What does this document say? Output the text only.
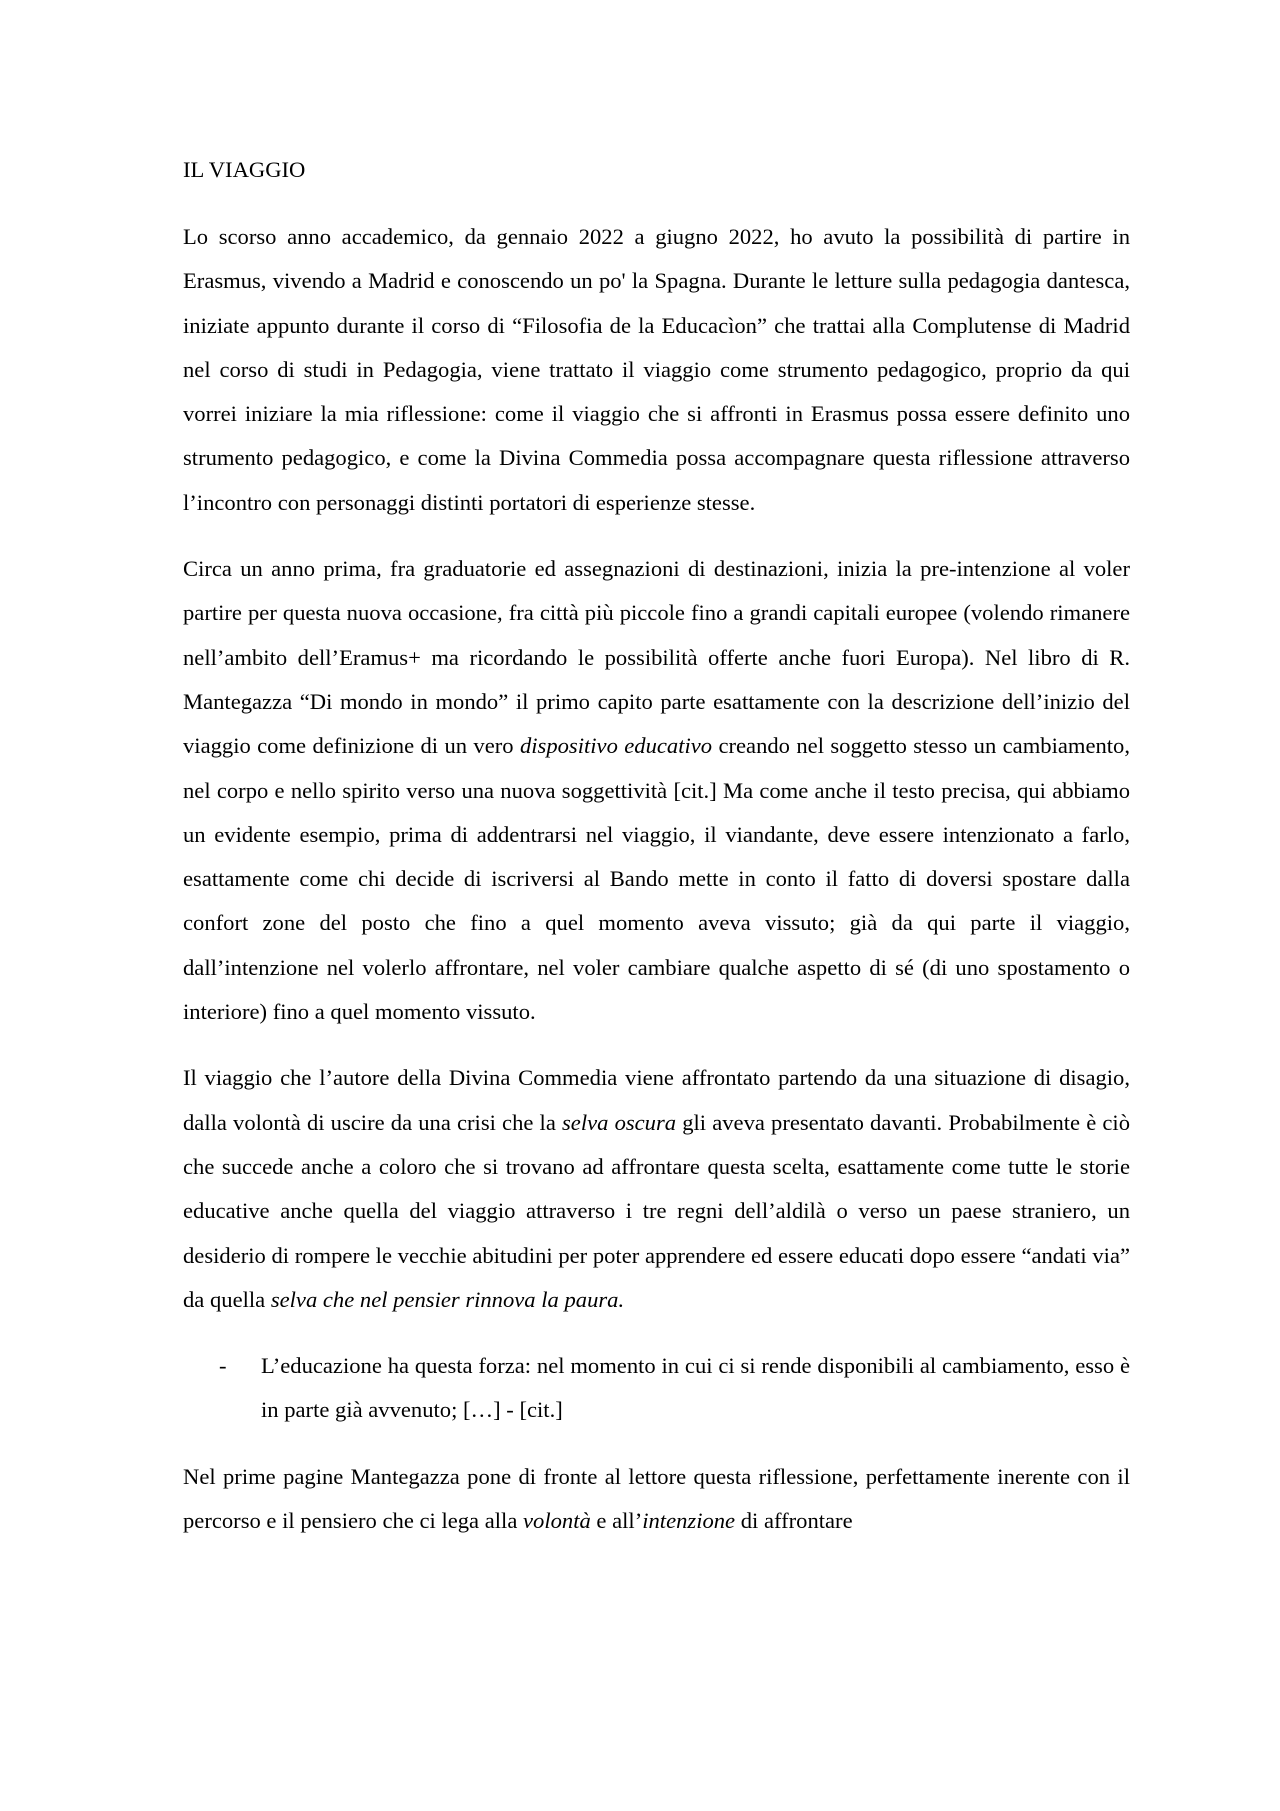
IL VIAGGIO

Lo scorso anno accademico, da gennaio 2022 a giugno 2022, ho avuto la possibilità di partire in Erasmus, vivendo a Madrid e conoscendo un po' la Spagna. Durante le letture sulla pedagogia dantesca, iniziate appunto durante il corso di “Filosofia de la Educacìon” che trattai alla Complutense di Madrid nel corso di studi in Pedagogia, viene trattato il viaggio come strumento pedagogico, proprio da qui vorrei iniziare la mia riflessione: come il viaggio che si affronti in Erasmus possa essere definito uno strumento pedagogico, e come la Divina Commedia possa accompagnare questa riflessione attraverso l’incontro con personaggi distinti portatori di esperienze stesse.

Circa un anno prima, fra graduatorie ed assegnazioni di destinazioni, inizia la pre-intenzione al voler partire per questa nuova occasione, fra città più piccole fino a grandi capitali europee (volendo rimanere nell’ambito dell’Eramus+ ma ricordando le possibilità offerte anche fuori Europa). Nel libro di R. Mantegazza “Di mondo in mondo” il primo capito parte esattamente con la descrizione dell’inizio del viaggio come definizione di un vero dispositivo educativo creando nel soggetto stesso un cambiamento, nel corpo e nello spirito verso una nuova soggettività [cit.] Ma come anche il testo precisa, qui abbiamo un evidente esempio, prima di addentrarsi nel viaggio, il viandante, deve essere intenzionato a farlo, esattamente come chi decide di iscriversi al Bando mette in conto il fatto di doversi spostare dalla confort zone del posto che fino a quel momento aveva vissuto; già da qui parte il viaggio, dall’intenzione nel volerlo affrontare, nel voler cambiare qualche aspetto di sé (di uno spostamento o interiore) fino a quel momento vissuto.

Il viaggio che l’autore della Divina Commedia viene affrontato partendo da una situazione di disagio, dalla volontà di uscire da una crisi che la selva oscura gli aveva presentato davanti. Probabilmente è ciò che succede anche a coloro che si trovano ad affrontare questa scelta, esattamente come tutte le storie educative anche quella del viaggio attraverso i tre regni dell’aldilà o verso un paese straniero, un desiderio di rompere le vecchie abitudini per poter apprendere ed essere educati dopo essere “andati via” da quella selva che nel pensier rinnova la paura.

-	L’educazione ha questa forza: nel momento in cui ci si rende disponibili al cambiamento, esso è in parte già avvenuto; […] - [cit.]

Nel prime pagine Mantegazza pone di fronte al lettore questa riflessione, perfettamente inerente con il percorso e il pensiero che ci lega alla volontà e all’intenzione di affrontare
